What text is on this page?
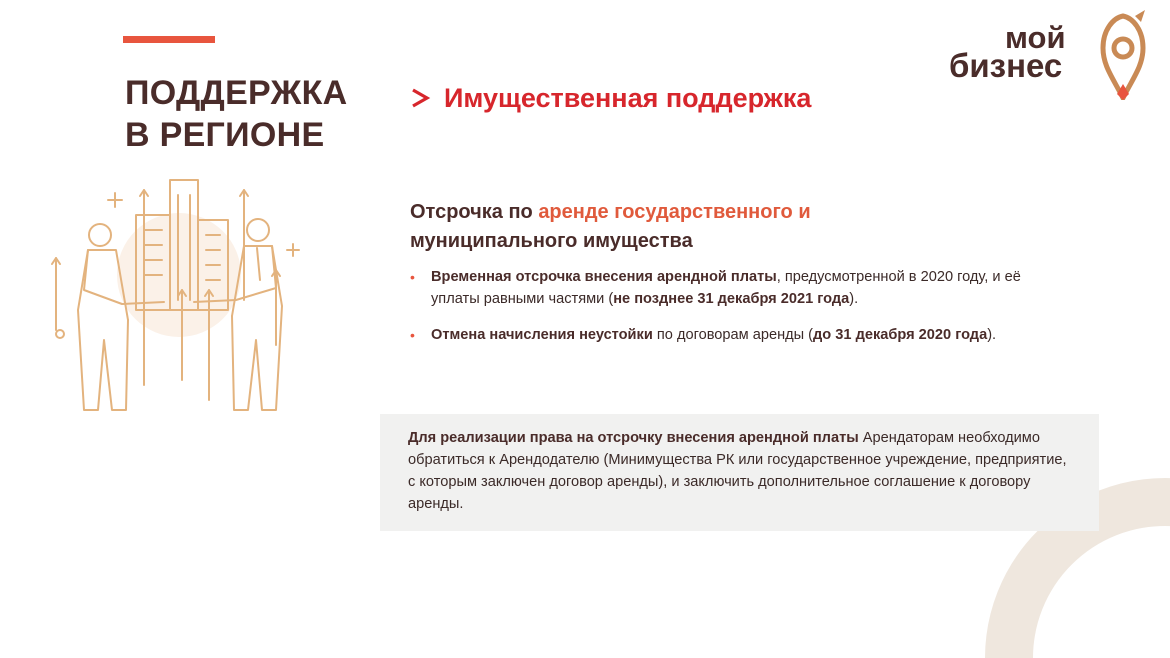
ПОДДЕРЖКА
В РЕГИОНЕ
мой
бизнес
Имущественная поддержка
Отсрочка по аренде государственного и
муниципального имущества
• Временная отсрочка внесения арендной платы, предусмотренной в 2020 году, и её уплаты равными частями (не позднее 31 декабря 2021 года).
• Отмена начисления неустойки по договорам аренды (до 31 декабря 2020 года).
Для реализации права на отсрочку внесения арендной платы Арендаторам необходимо обратиться к Арендодателю (Минимущества РК или государственное учреждение, предприятие, с которым заключен договор аренды), и заключить дополнительное соглашение к договору аренды.
